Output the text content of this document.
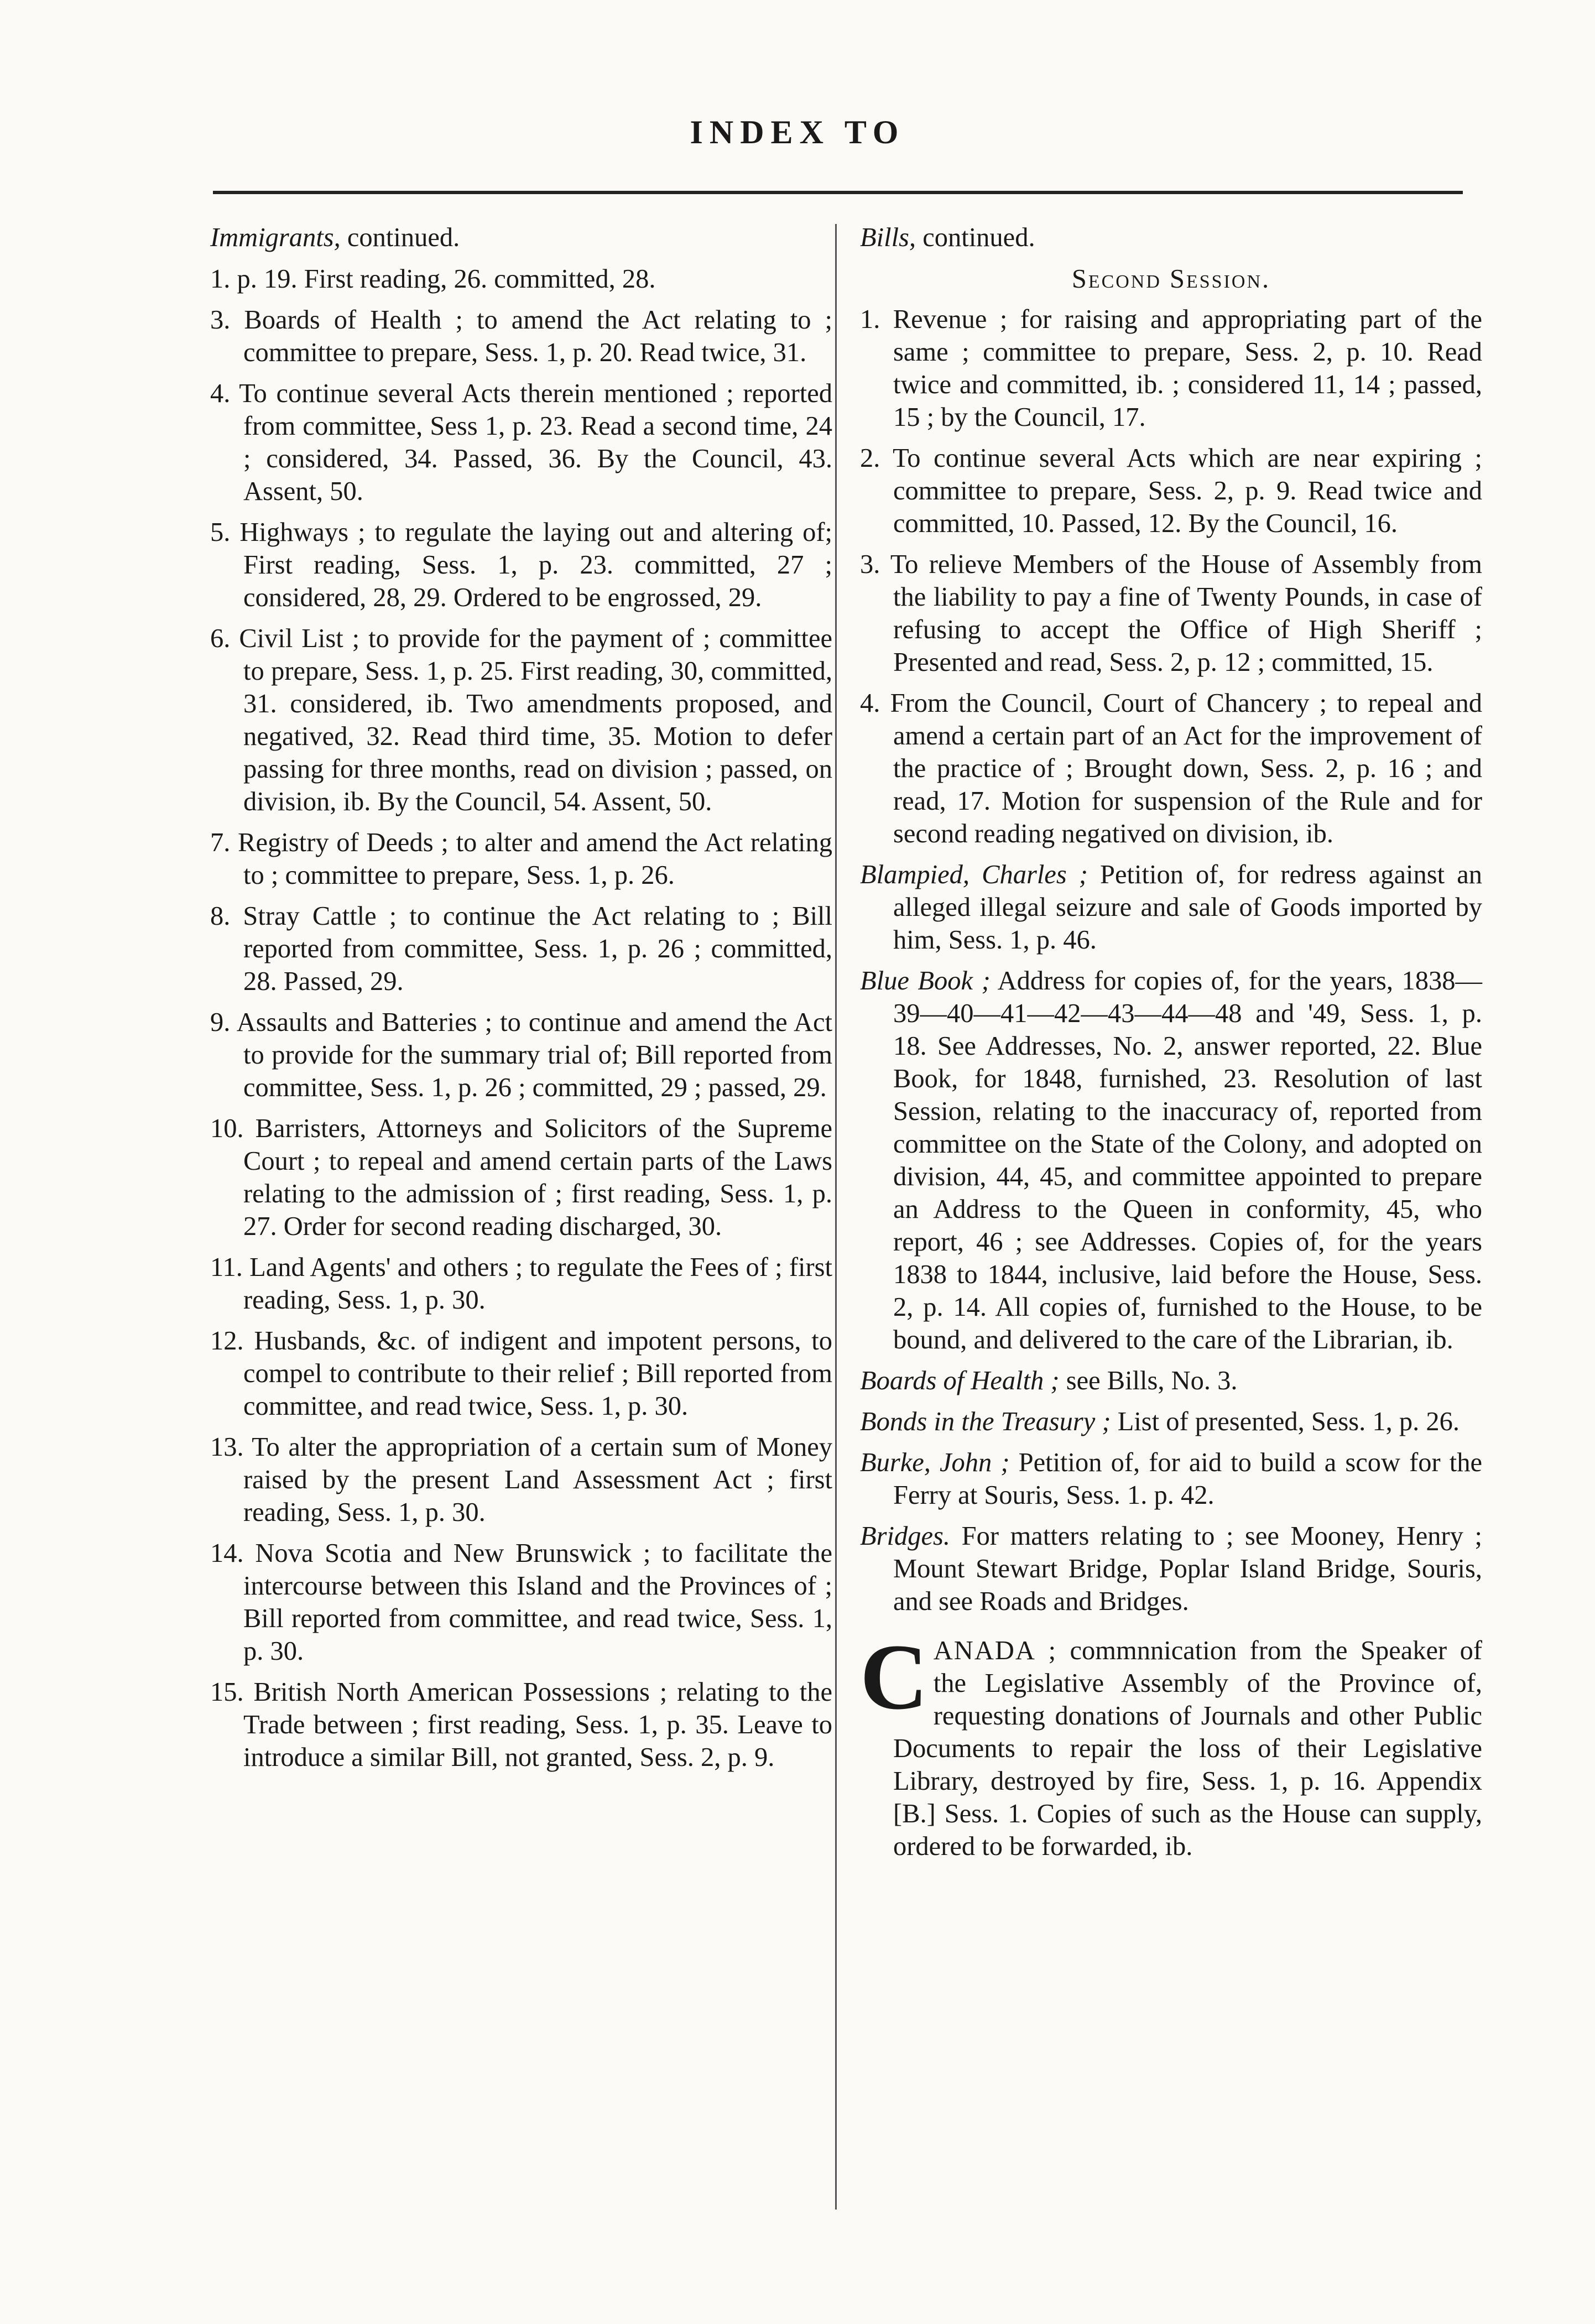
INDEX TO
Immigrants, continued.
1. p. 19. First reading, 26. committed, 28.
3. Boards of Health ; to amend the Act relating to ; committee to prepare, Sess. 1, p. 20. Read twice, 31.
4. To continue several Acts therein mentioned ; reported from committee, Sess 1, p. 23. Read a second time, 24 ; considered, 34. Passed, 36. By the Council, 43. Assent, 50.
5. Highways ; to regulate the laying out and altering of; First reading, Sess. 1, p. 23. committed, 27 ; considered, 28, 29. Ordered to be engrossed, 29.
6. Civil List ; to provide for the payment of ; committee to prepare, Sess. 1, p. 25. First reading, 30, committed, 31. considered, ib. Two amendments proposed, and negatived, 32. Read third time, 35. Motion to defer passing for three months, read on division ; passed, on division, ib. By the Council, 54. Assent, 50.
7. Registry of Deeds ; to alter and amend the Act relating to ; committee to prepare, Sess. 1, p. 26.
8. Stray Cattle ; to continue the Act relating to ; Bill reported from committee, Sess. 1, p. 26 ; committed, 28. Passed, 29.
9. Assaults and Batteries ; to continue and amend the Act to provide for the summary trial of; Bill reported from committee, Sess. 1, p. 26 ; committed, 29 ; passed, 29.
10. Barristers, Attorneys and Solicitors of the Supreme Court ; to repeal and amend certain parts of the Laws relating to the admission of ; first reading, Sess. 1, p. 27. Order for second reading discharged, 30.
11. Land Agents' and others ; to regulate the Fees of ; first reading, Sess. 1, p. 30.
12. Husbands, &c. of indigent and impotent persons, to compel to contribute to their relief ; Bill reported from committee, and read twice, Sess. 1, p. 30.
13. To alter the appropriation of a certain sum of Money raised by the present Land Assessment Act ; first reading, Sess. 1, p. 30.
14. Nova Scotia and New Brunswick ; to facilitate the intercourse between this Island and the Provinces of ; Bill reported from committee, and read twice, Sess. 1, p. 30.
15. British North American Possessions ; relating to the Trade between ; first reading, Sess. 1, p. 35. Leave to introduce a similar Bill, not granted, Sess. 2, p. 9.
Bills, continued.
Second Session.
1. Revenue ; for raising and appropriating part of the same ; committee to prepare, Sess. 2, p. 10. Read twice and committed, ib. ; considered 11, 14 ; passed, 15 ; by the Council, 17.
2. To continue several Acts which are near expiring ; committee to prepare, Sess. 2, p. 9. Read twice and committed, 10. Passed, 12. By the Council, 16.
3. To relieve Members of the House of Assembly from the liability to pay a fine of Twenty Pounds, in case of refusing to accept the Office of High Sheriff ; Presented and read, Sess. 2, p. 12 ; committed, 15.
4. From the Council, Court of Chancery ; to repeal and amend a certain part of an Act for the improvement of the practice of ; Brought down, Sess. 2, p. 16 ; and read, 17. Motion for suspension of the Rule and for second reading negatived on division, ib.
Blampied, Charles ; Petition of, for redress against an alleged illegal seizure and sale of Goods imported by him, Sess. 1, p. 46.
Blue Book ; Address for copies of, for the years, 1838—39—40—41—42—43—44—48 and '49, Sess. 1, p. 18. See Addresses, No. 2, answer reported, 22. Blue Book, for 1848, furnished, 23. Resolution of last Session, relating to the inaccuracy of, reported from committee on the State of the Colony, and adopted on division, 44, 45, and committee appointed to prepare an Address to the Queen in conformity, 45, who report, 46 ; see Addresses. Copies of, for the years 1838 to 1844, inclusive, laid before the House, Sess. 2, p. 14. All copies of, furnished to the House, to be bound, and delivered to the care of the Librarian, ib.
Boards of Health ; see Bills, No. 3.
Bonds in the Treasury ; List of presented, Sess. 1, p. 26.
Burke, John ; Petition of, for aid to build a scow for the Ferry at Souris, Sess. 1. p. 42.
Bridges. For matters relating to ; see Mooney, Henry ; Mount Stewart Bridge, Poplar Island Bridge, Souris, and see Roads and Bridges.
CANADA ; commnnication from the Speaker of the Legislative Assembly of the Province of, requesting donations of Journals and other Public Documents to repair the loss of their Legislative Library, destroyed by fire, Sess. 1, p. 16. Appendix [B.] Sess. 1. Copies of such as the House can supply, ordered to be forwarded, ib.
